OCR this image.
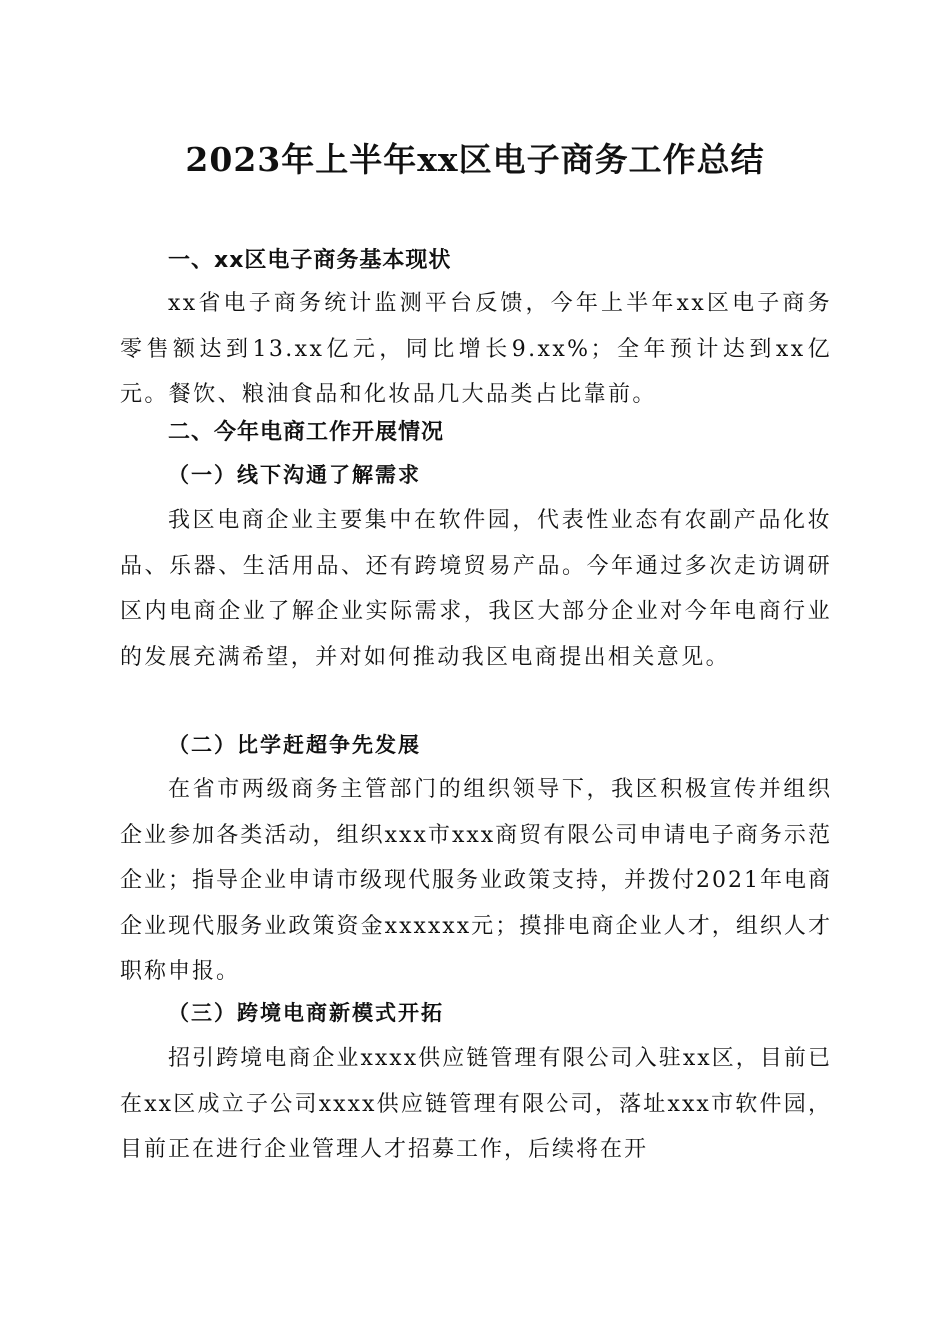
2023年上半年xx区电子商务工作总结

一、xx区电子商务基本现状

xx省电子商务统计监测平台反馈，今年上半年xx区电子商务零售额达到13.xx亿元，同比增长9.xx%；全年预计达到xx亿元。餐饮、粮油食品和化妆品几大品类占比靠前。

二、今年电商工作开展情况

（一）线下沟通了解需求

我区电商企业主要集中在软件园，代表性业态有农副产品化妆品、乐器、生活用品、还有跨境贸易产品。今年通过多次走访调研区内电商企业了解企业实际需求，我区大部分企业对今年电商行业的发展充满希望，并对如何推动我区电商提出相关意见。

（二）比学赶超争先发展

在省市两级商务主管部门的组织领导下，我区积极宣传并组织企业参加各类活动，组织xxx市xxx商贸有限公司申请电子商务示范企业；指导企业申请市级现代服务业政策支持，并拨付2021年电商企业现代服务业政策资金xxxxxx元；摸排电商企业人才，组织人才职称申报。

（三）跨境电商新模式开拓

招引跨境电商企业xxxx供应链管理有限公司入驻xx区，目前已在xx区成立子公司xxxx供应链管理有限公司，落址xxx市软件园，目前正在进行企业管理人才招募工作，后续将在开
